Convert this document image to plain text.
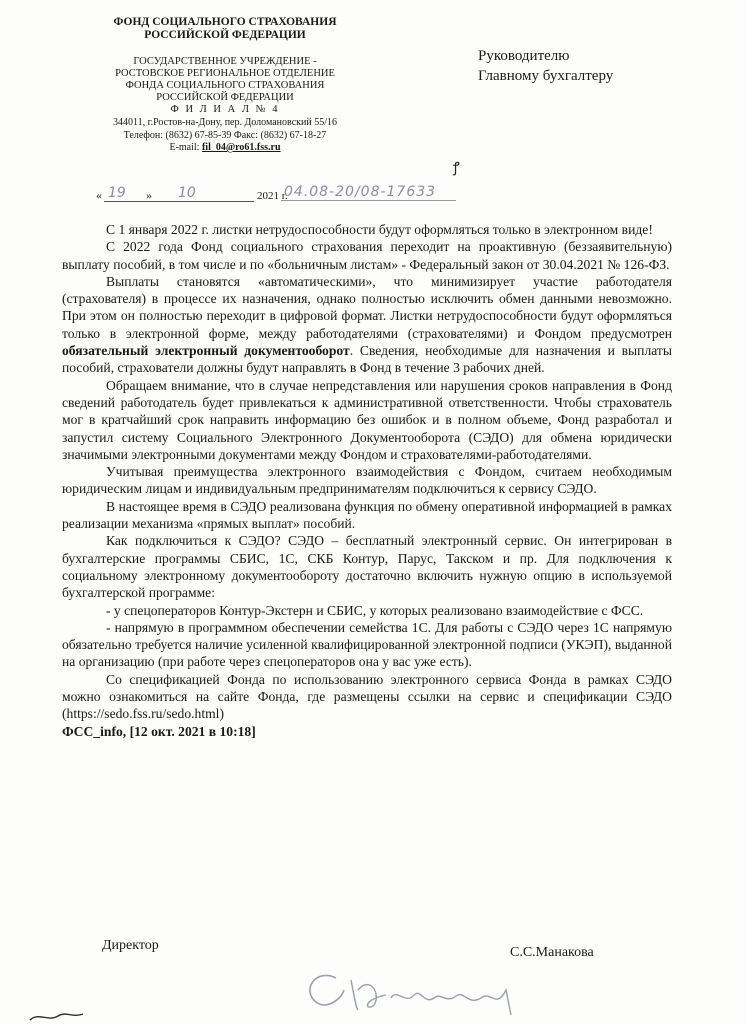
ФОНД СОЦИАЛЬНОГО СТРАХОВАНИЯ
РОССИЙСКОЙ ФЕДЕРАЦИИ
ГОСУДАРСТВЕННОЕ УЧРЕЖДЕНИЕ -
РОСТОВСКОЕ РЕГИОНАЛЬНОЕ ОТДЕЛЕНИЕ
ФОНДА СОЦИАЛЬНОГО СТРАХОВАНИЯ
РОССИЙСКОЙ ФЕДЕРАЦИИ
Ф И Л И А Л № 4
344011, г.Ростов-на-Дону, пер. Доломановский 55/16
Телефон: (8632) 67-85-39 Факс: (8632) 67-18-27
E-mail: fil_04@ro61.fss.ru
Руководителю
Главному бухгалтеру
ꝭ
« 19 » 10	2021 г.
04.08-20/08-17633

С 1 января 2022 г. листки нетрудоспособности будут оформляться только в электронном виде!

С 2022 года Фонд социального страхования переходит на проактивную (беззаявительную) выплату пособий, в том числе и по «больничным листам» - Федеральный закон от 30.04.2021 № 126-ФЗ.

Выплаты становятся «автоматическими», что минимизирует участие работодателя (страхователя) в процессе их назначения, однако полностью исключить обмен данными невозможно. При этом он полностью переходит в цифровой формат. Листки нетрудоспособности будут оформляться только в электронной форме, между работодателями (страхователями) и Фондом предусмотрен обязательный электронный документооборот. Сведения, необходимые для назначения и выплаты пособий, страхователи должны будут направлять в Фонд в течение 3 рабочих дней.

Обращаем внимание, что в случае непредставления или нарушения сроков направления в Фонд сведений работодатель будет привлекаться к административной ответственности. Чтобы страхователь мог в кратчайший срок направить информацию без ошибок и в полном объеме, Фонд разработал и запустил систему Социального Электронного Документооборота (СЭДО) для обмена юридически значимыми электронными документами между Фондом и страхователями-работодателями.

Учитывая преимущества электронного взаимодействия с Фондом, считаем необходимым юридическим лицам и индивидуальным предпринимателям подключиться к сервису СЭДО.

В настоящее время в СЭДО реализована функция по обмену оперативной информацией в рамках реализации механизма «прямых выплат» пособий.

Как подключиться к СЭДО? СЭДО – бесплатный электронный сервис. Он интегрирован в бухгалтерские программы СБИС, 1С, СКБ Контур, Парус, Такском и пр. Для подключения к социальному электронному документообороту достаточно включить нужную опцию в используемой бухгалтерской программе:

- у спецоператоров Контур-Экстерн и СБИС, у которых реализовано взаимодействие с ФСС.

- напрямую в программном обеспечении семейства 1С. Для работы с СЭДО через 1С напрямую обязательно требуется наличие усиленной квалифицированной электронной подписи (УКЭП), выданной на организацию (при работе через спецоператоров она у вас уже есть).

Со спецификацией Фонда по использованию электронного сервиса Фонда в рамках СЭДО можно ознакомиться на сайте Фонда, где размещены ссылки на сервис и спецификации СЭДО (https://sedo.fss.ru/sedo.html)

ФСС_info, [12 окт. 2021 в 10:18]

Директор	С.С.Манакова
